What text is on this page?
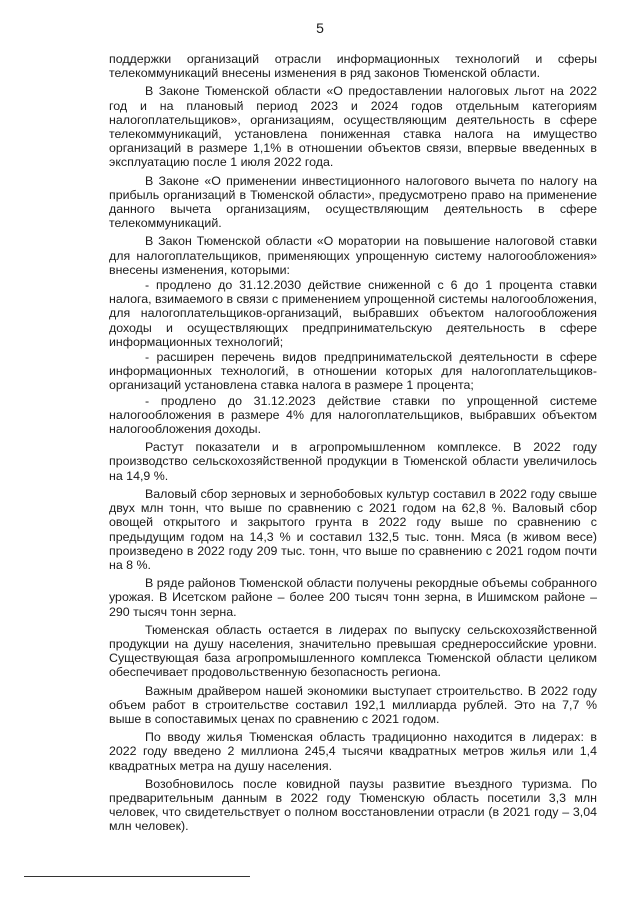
5

поддержки организаций отрасли информационных технологий и сферы телекоммуникаций внесены изменения в ряд законов Тюменской области.

В Законе Тюменской области «О предоставлении налоговых льгот на 2022 год и на плановый период 2023 и 2024 годов отдельным категориям налогоплательщиков», организациям, осуществляющим деятельность в сфере телекоммуникаций, установлена пониженная ставка налога на имущество организаций в размере 1,1% в отношении объектов связи, впервые введенных в эксплуатацию после 1 июля 2022 года.

В Законе «О применении инвестиционного налогового вычета по налогу на прибыль организаций в Тюменской области», предусмотрено право на применение данного вычета организациям, осуществляющим деятельность в сфере телекоммуникаций.

В Закон Тюменской области «О моратории на повышение налоговой ставки для налогоплательщиков, применяющих упрощенную систему налогообложения» внесены изменения, которыми:

- продлено до 31.12.2030 действие сниженной с 6 до 1 процента ставки налога, взимаемого в связи с применением упрощенной системы налогообложения, для налогоплательщиков-организаций, выбравших объектом налогообложения доходы и осуществляющих предпринимательскую деятельность в сфере информационных технологий;

- расширен перечень видов предпринимательской деятельности в сфере информационных технологий, в отношении которых для налогоплательщиков-организаций установлена ставка налога в размере 1 процента;

- продлено до 31.12.2023 действие ставки по упрощенной системе налогообложения в размере 4% для налогоплательщиков, выбравших объектом налогообложения доходы.

Растут показатели и в агропромышленном комплексе. В 2022 году производство сельскохозяйственной продукции в Тюменской области увеличилось на 14,9 %.

Валовый сбор зерновых и зернобобовых культур составил в 2022 году свыше двух млн тонн, что выше по сравнению с 2021 годом на 62,8 %. Валовый сбор овощей открытого и закрытого грунта в 2022 году выше по сравнению с предыдущим годом на 14,3 % и составил 132,5 тыс. тонн. Мяса (в живом весе) произведено в 2022 году 209 тыс. тонн, что выше по сравнению с 2021 годом почти на 8 %.

В ряде районов Тюменской области получены рекордные объемы собранного урожая. В Исетском районе – более 200 тысяч тонн зерна, в Ишимском районе – 290 тысяч тонн зерна.

Тюменская область остается в лидерах по выпуску сельскохозяйственной продукции на душу населения, значительно превышая среднероссийские уровни. Существующая база агропромышленного комплекса Тюменской области целиком обеспечивает продовольственную безопасность региона.

Важным драйвером нашей экономики выступает строительство. В 2022 году объем работ в строительстве составил 192,1 миллиарда рублей. Это на 7,7 % выше в сопоставимых ценах по сравнению с 2021 годом.

По вводу жилья Тюменская область традиционно находится в лидерах: в 2022 году введено 2 миллиона 245,4 тысячи квадратных метров жилья или 1,4 квадратных метра на душу населения.

Возобновилось после ковидной паузы развитие въездного туризма. По предварительным данным в 2022 году Тюменскую область посетили 3,3 млн человек, что свидетельствует о полном восстановлении отрасли (в 2021 году – 3,04 млн человек).
